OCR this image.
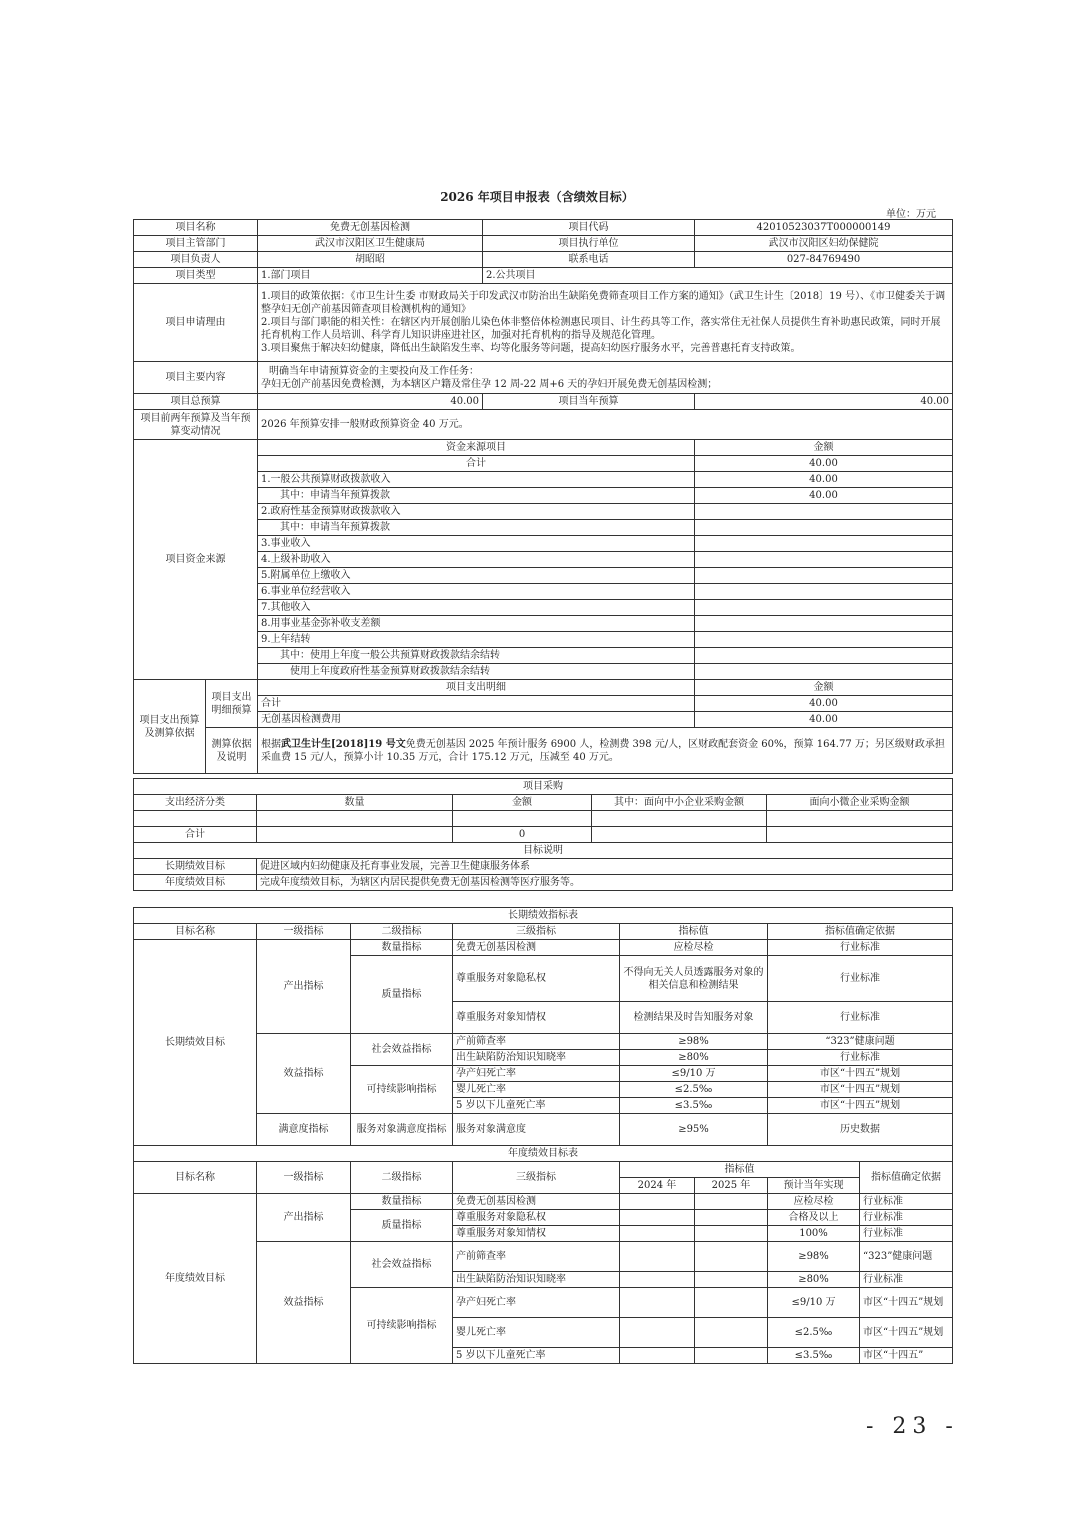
2026 年项目申报表（含绩效目标）
单位：万元
项目名称		免费无创基因检测	项目代码	42010523037T000000149
项目主管部门		武汉市汉阳区卫生健康局	项目执行单位	武汉市汉阳区妇幼保健院
项目负责人		胡昭昭	联系电话	027-84769490
项目类型		1.部门项目	2.公共项目	
项目申请理由		1.项目的政策依据：《市卫生计生委 市财政局关于印发武汉市防治出生缺陷免费筛查项目工作方案的通知》（武卫生计生〔2018〕19 号）、《市卫健委关于调整孕妇无创产前基因筛查项目检测机构的通知》
2.项目与部门职能的相关性：在辖区内开展创胎儿染色体非整倍体检测惠民项目、计生药具等工作，落实常住无社保人员提供生育补助惠民政策，同时开展托育机构工作人员培训、科学育儿知识讲座进社区，加强对托育机构的指导及规范化管理。
3.项目聚焦于解决妇幼健康，降低出生缺陷发生率、均等化服务等问题，提高妇幼医疗服务水平，完善普惠托育支持政策。		

项目主要内容		明确当年申请预算资金的主要投向及工作任务：
孕妇无创产前基因免费检测，为本辖区户籍及常住孕 12 周-22 周+6 天的孕妇开展免费无创基因检测；		

项目总预算		40.00	项目当年预算	40.00
项目前两年预算及当年预算变动情况		2026 年预算安排一般财政预算资金 40 万元。		
项目资金来源		资金来源项目		金额
		合计		40.00
		1.一般公共预算财政拨款收入		40.00
		其中：申请当年预算拨款		40.00
		2.政府性基金预算财政拨款收入		
		其中：申请当年预算拨款		
		3.事业收入		
		4.上级补助收入		
		5.附属单位上缴收入		
		6.事业单位经营收入		
		7.其他收入		
		8.用事业基金弥补收支差额		
		9.上年结转		
		其中：使用上年度一般公共预算财政拨款结余结转		
		使用上年度政府性基金预算财政拨款结余结转		
项目支出预算及测算依据	项目支出明细预算	项目支出明细		金额
		合计		40.00
		无创基因检测费用		40.00
	测算依据及说明	根据武卫生计生[2018]19 号文免费无创基因 2025 年预计服务 6900 人，检测费 398 元/人，区财政配套资金 60%，预算 164.77 万；另区级财政承担采血费 15 元/人，预算小计 10.35 万元，合计 175.12 万元，压减至 40 万元。		
项目采购				
支出经济分类	数量	金额	其中：面向中小企业采购金额	面向小微企业采购金额

合计		0		
目标说明				
长期绩效目标	促进区域内妇幼健康及托育事业发展，完善卫生健康服务体系			
年度绩效目标	完成年度绩效目标，为辖区内居民提供免费无创基因检测等医疗服务等。			
长期绩效指标表					
目标名称	一级指标	二级指标	三级指标	指标值	指标值确定依据
长期绩效目标	产出指标	数量指标	免费无创基因检测	应检尽检	行业标准
		质量指标	尊重服务对象隐私权	不得向无关人员透露服务对象的相关信息和检测结果	行业标准
			尊重服务对象知情权	检测结果及时告知服务对象	行业标准
	效益指标	社会效益指标	产前筛查率	≥98%	“323”健康问题
			出生缺陷防治知识知晓率	≥80%	行业标准
		可持续影响指标	孕产妇死亡率	≤9/10 万	市区“十四五”规划
			婴儿死亡率	≤2.5‰	市区“十四五”规划
			5 岁以下儿童死亡率	≤3.5‰	市区“十四五”规划
	满意度指标	服务对象满意度指标	服务对象满意度	≥95%	历史数据
年度绩效目标表							
目标名称	一级指标	二级指标	三级指标	指标值			指标值确定依据
				2024 年	2025 年	预计当年实现	
年度绩效目标	产出指标	数量指标	免费无创基因检测			应检尽检	行业标准
		质量指标	尊重服务对象隐私权			合格及以上	行业标准
			尊重服务对象知情权			100%	行业标准
	效益指标	社会效益指标	产前筛查率			≥98%	“323”健康问题
			出生缺陷防治知识知晓率			≥80%	行业标准
		可持续影响指标	孕产妇死亡率			≤9/10 万	市区“十四五”规划
			婴儿死亡率			≤2.5‰	市区“十四五”规划
			5 岁以下儿童死亡率			≤3.5‰	市区“十四五”
- 23 -
